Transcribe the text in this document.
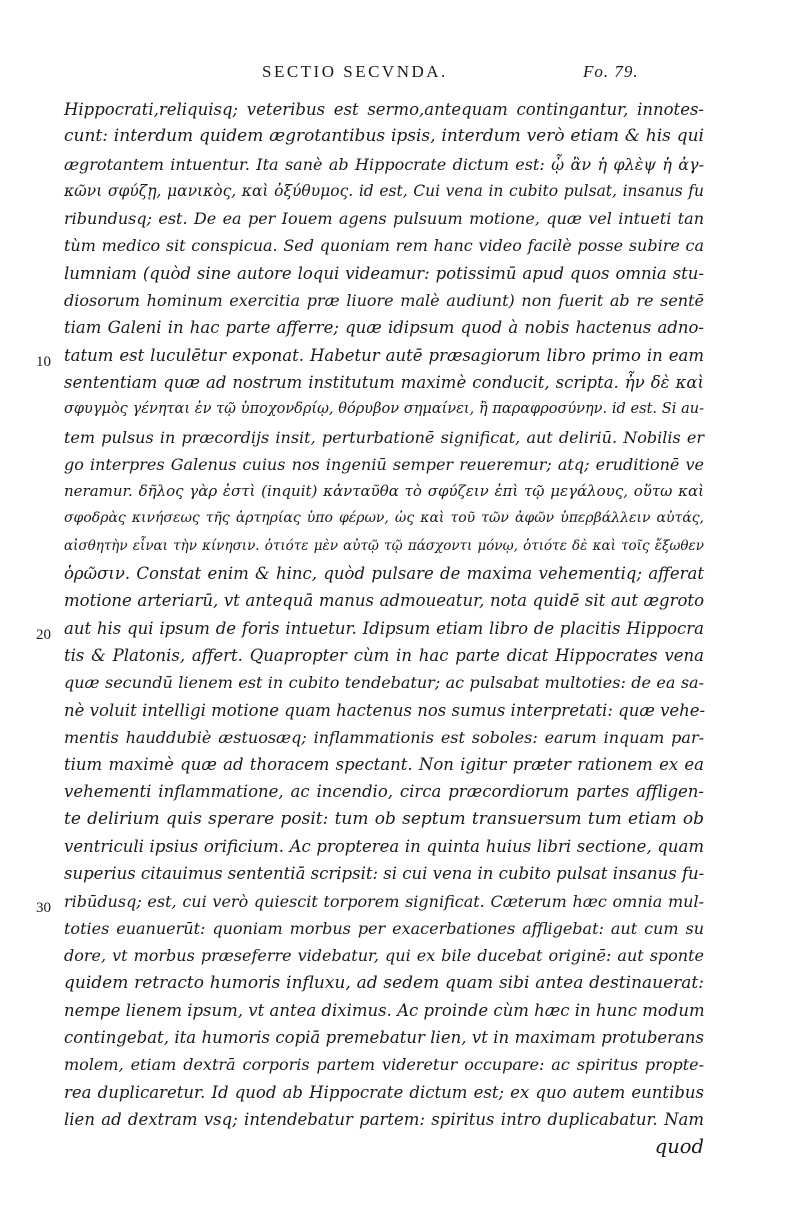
SECTIO SECVNDA.	Fo. 79.
10
20
30
Hippocrati,reliquisq; veteribus est sermo,antequam contingantur, innotes-
cunt: interdum quidem ægrotantibus ipsis, interdum verò etiam & his qui
ægrotantem intuentur. Ita sanè ab Hippocrate dictum est: ᾧ ἂν ἡ φλὲψ ἡ ἀγ-
κῶνι σφύζῃ, μανικὸς, καὶ ὀξύθυμος. id est, Cui vena in cubito pulsat, insanus fu
ribundusq; est. De ea per Iouem agens pulsuum motione, quæ vel intueti tan
tùm medico sit conspicua. Sed quoniam rem hanc video facilè posse subire ca
lumniam (quòd sine autore loqui videamur: potissimū apud quos omnia stu-
diosorum hominum exercitia præ liuore malè audiunt) non fuerit ab re sentē
tiam Galeni in hac parte afferre; quæ idipsum quod à nobis hactenus adno-
tatum est luculētur exponat. Habetur autē præsagiorum libro primo in eam
sententiam quæ ad nostrum institutum maximè conducit, scripta. ἦν δὲ καὶ
σφυγμὸς γένηται ἐν τῷ ὑποχονδρίῳ, θόρυβον σημαίνει, ἢ παραφροσύνην. id est. Si au-
tem pulsus in præcordijs insit, perturbationē significat, aut deliriū. Nobilis er
go interpres Galenus cuius nos ingeniū semper reueremur; atq; eruditionē ve
neramur. δῆλος γὰρ ἐστὶ (inquit) κἀνταῦθα τὸ σφύζειν ἐπὶ τῷ μεγάλους, οὕτω καὶ
σφοδρὰς κινήσεως τῆς ἀρτηρίας ὑπο φέρων, ὡς καὶ τοῦ τῶν ἀφῶν ὑπερβάλλειν αὐτάς,
αἰσθητὴν εἶναι τὴν κίνησιν. ὁτιότε μὲν αὐτῷ τῷ πάσχοντι μόνῳ, ὁτιότε δὲ καὶ τοῖς ἔξωθεν
ὁρῶσιν. Constat enim & hinc, quòd pulsare de maxima vehementiq; afferat
motione arteriarū, vt antequā manus admoueatur, nota quidē sit aut ægroto
aut his qui ipsum de foris intuetur. Idipsum etiam libro de placitis Hippocra
tis & Platonis, affert. Quapropter cùm in hac parte dicat Hippocrates vena
quæ secundū lienem est in cubito tendebatur; ac pulsabat multoties: de ea sa-
nè voluit intelligi motione quam hactenus nos sumus interpretati: quæ vehe-
mentis hauddubiè æstuosæq; inflammationis est soboles: earum inquam par-
tium maximè quæ ad thoracem spectant. Non igitur præter rationem ex ea
vehementi inflammatione, ac incendio, circa præcordiorum partes affligen-
te delirium quis sperare posit: tum ob septum transuersum tum etiam ob
ventriculi ipsius orificium. Ac propterea in quinta huius libri sectione, quam
superius citauimus sententiā scripsit: si cui vena in cubito pulsat insanus fu-
ribūdusq; est, cui verò quiescit torporem significat. Cæterum hæc omnia mul-
toties euanuerūt: quoniam morbus per exacerbationes affligebat: aut cum su
dore, vt morbus præseferre videbatur, qui ex bile ducebat originē: aut sponte
quidem retracto humoris influxu, ad sedem quam sibi antea destinauerat:
nempe lienem ipsum, vt antea diximus. Ac proinde cùm hæc in hunc modum
contingebat, ita humoris copiā premebatur lien, vt in maximam protuberans
molem, etiam dextrā corporis partem videretur occupare: ac spiritus propte-
rea duplicaretur. Id quod ab Hippocrate dictum est; ex quo autem euntibus
lien ad dextram vsq; intendebatur partem: spiritus intro duplicabatur. Nam
quod
